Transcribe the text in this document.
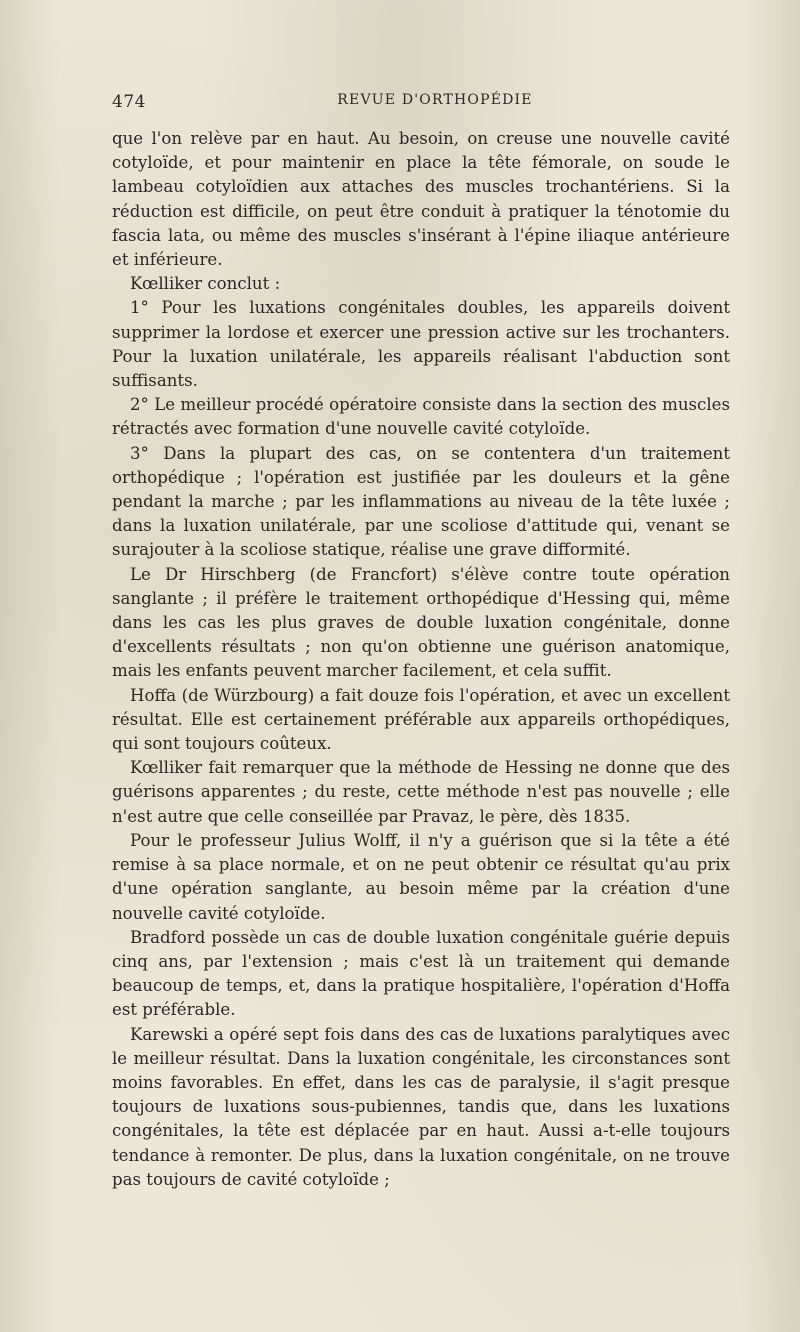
474	REVUE D'ORTHOPÉDIE

que l'on relève par en haut. Au besoin, on creuse une nouvelle cavité cotyloïde, et pour maintenir en place la tête fémorale, on soude le lambeau cotyloïdien aux attaches des muscles trochantériens. Si la réduction est difficile, on peut être conduit à pratiquer la ténotomie du fascia lata, ou même des muscles s'insérant à l'épine iliaque antérieure et inférieure.

Kœlliker conclut :

1° Pour les luxations congénitales doubles, les appareils doivent supprimer la lordose et exercer une pression active sur les trochanters. Pour la luxation unilatérale, les appareils réalisant l'abduction sont suffisants.

2° Le meilleur procédé opératoire consiste dans la section des muscles rétractés avec formation d'une nouvelle cavité cotyloïde.

3° Dans la plupart des cas, on se contentera d'un traitement orthopédique ; l'opération est justifiée par les douleurs et la gêne pendant la marche ; par les inflammations au niveau de la tête luxée ; dans la luxation unilatérale, par une scoliose d'attitude qui, venant se surajouter à la scoliose statique, réalise une grave difformité.

Le Dr Hirschberg (de Francfort) s'élève contre toute opération sanglante ; il préfère le traitement orthopédique d'Hessing qui, même dans les cas les plus graves de double luxation congénitale, donne d'excellents résultats ; non qu'on obtienne une guérison anatomique, mais les enfants peuvent marcher facilement, et cela suffit.

Hoffa (de Würzbourg) a fait douze fois l'opération, et avec un excellent résultat. Elle est certainement préférable aux appareils orthopédiques, qui sont toujours coûteux.

Kœlliker fait remarquer que la méthode de Hessing ne donne que des guérisons apparentes ; du reste, cette méthode n'est pas nouvelle ; elle n'est autre que celle conseillée par Pravaz, le père, dès 1835.

Pour le professeur Julius Wolff, il n'y a guérison que si la tête a été remise à sa place normale, et on ne peut obtenir ce résultat qu'au prix d'une opération sanglante, au besoin même par la création d'une nouvelle cavité cotyloïde.

Bradford possède un cas de double luxation congénitale guérie depuis cinq ans, par l'extension ; mais c'est là un traitement qui demande beaucoup de temps, et, dans la pratique hospitalière, l'opération d'Hoffa est préférable.

Karewski a opéré sept fois dans des cas de luxations paralytiques avec le meilleur résultat. Dans la luxation congénitale, les circonstances sont moins favorables. En effet, dans les cas de paralysie, il s'agit presque toujours de luxations sous-pubiennes, tandis que, dans les luxations congénitales, la tête est déplacée par en haut. Aussi a-t-elle toujours tendance à remonter. De plus, dans la luxation congénitale, on ne trouve pas toujours de cavité cotyloïde ;
